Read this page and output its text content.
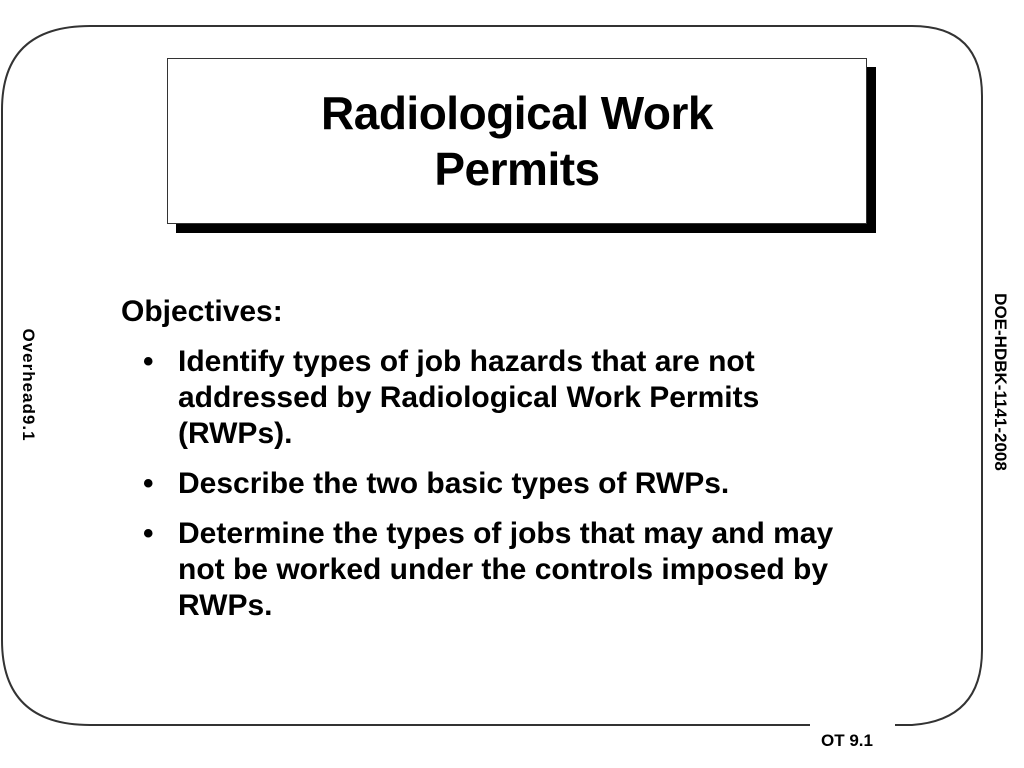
Radiological Work
Permits
Objectives:
• Identify types of job hazards that are not addressed by Radiological Work Permits (RWPs).
• Describe the two basic types of RWPs.
• Determine the types of jobs that may and may not be worked under the controls imposed by RWPs.
Overhead9.1	DOE-HDBK-1141-2008
OT 9.1
